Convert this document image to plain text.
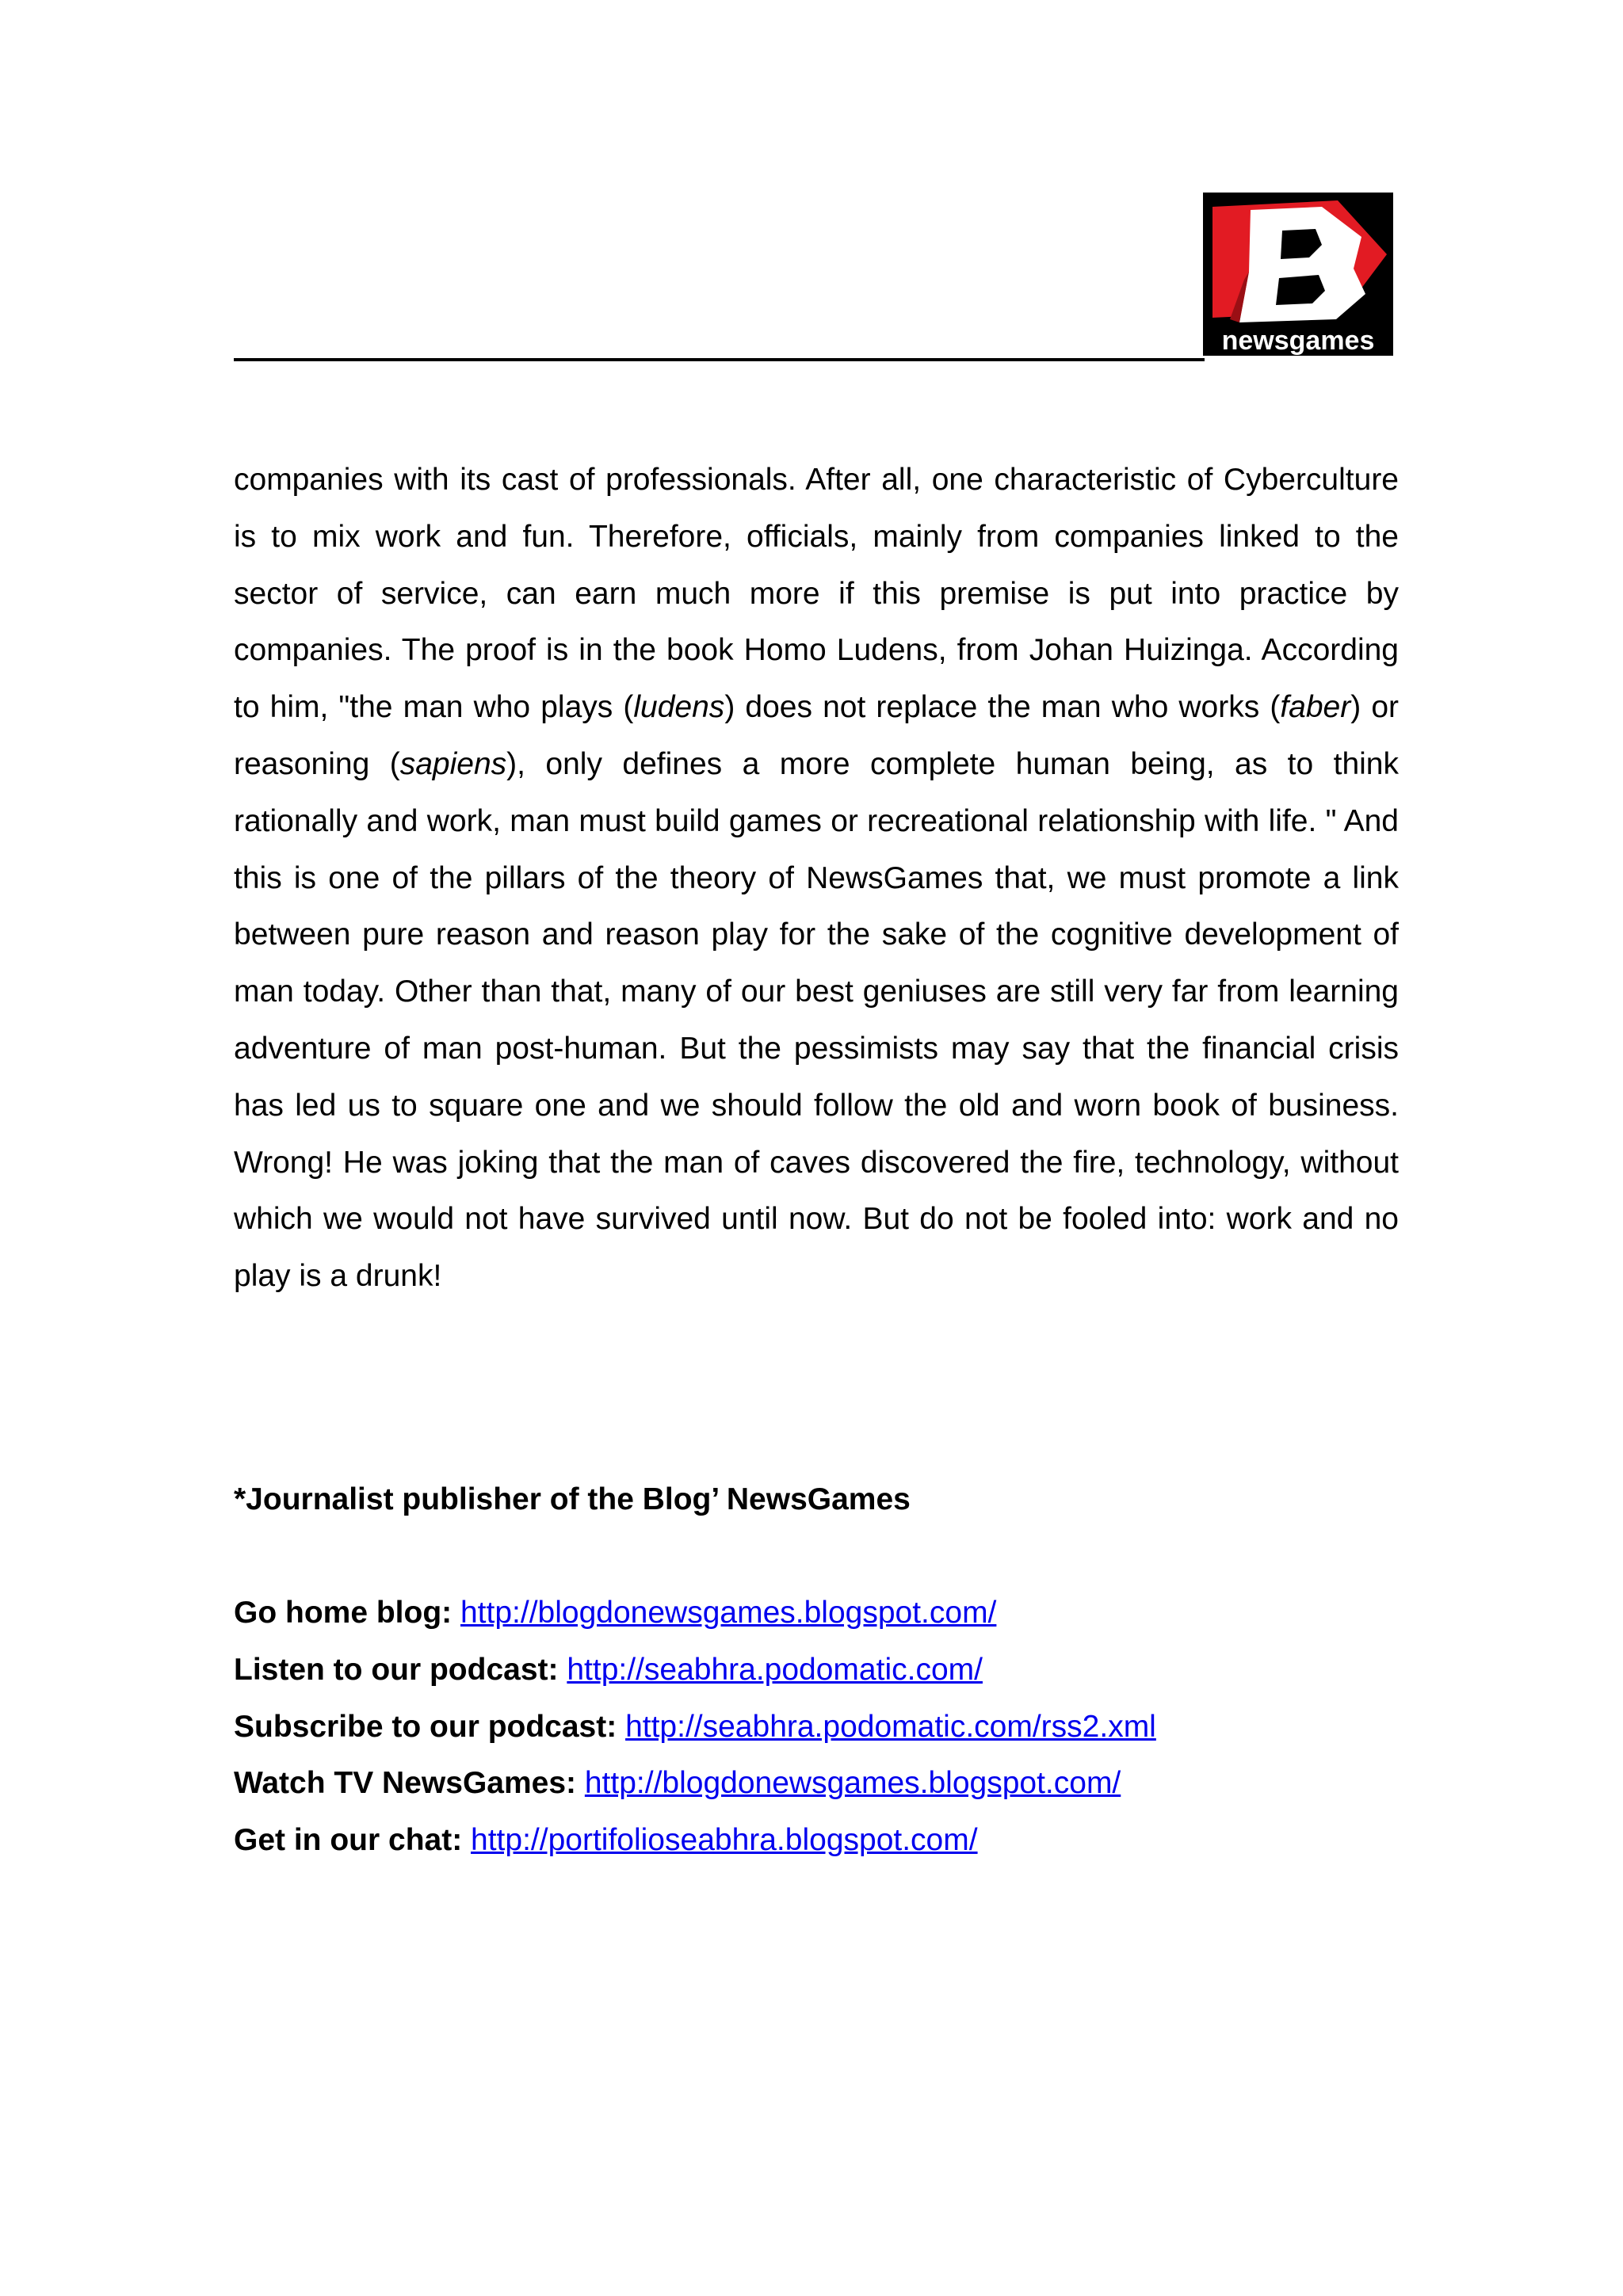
newsgames

companies with its cast of professionals. After all, one characteristic of Cyberculture is to mix work and fun. Therefore, officials, mainly from companies linked to the sector of service, can earn much more if this premise is put into practice by companies. The proof is in the book Homo Ludens, from Johan Huizinga. According to him, "the man who plays (ludens) does not replace the man who works (faber) or reasoning (sapiens), only defines a more complete human being, as to think rationally and work, man must build games or recreational relationship with life. " And this is one of the pillars of the theory of NewsGames that, we must promote a link between pure reason and reason play for the sake of the cognitive development of man today. Other than that, many of our best geniuses are still very far from learning adventure of man post-human. But the pessimists may say that the financial crisis has led us to square one and we should follow the old and worn book of business. Wrong! He was joking that the man of caves discovered the fire, technology, without which we would not have survived until now. But do not be fooled into: work and no play is a drunk!

*Journalist publisher of the Blog’ NewsGames

Go home blog: http://blogdonewsgames.blogspot.com/
Listen to our podcast: http://seabhra.podomatic.com/
Subscribe to our podcast: http://seabhra.podomatic.com/rss2.xml
Watch TV NewsGames: http://blogdonewsgames.blogspot.com/
Get in our chat: http://portifolioseabhra.blogspot.com/
